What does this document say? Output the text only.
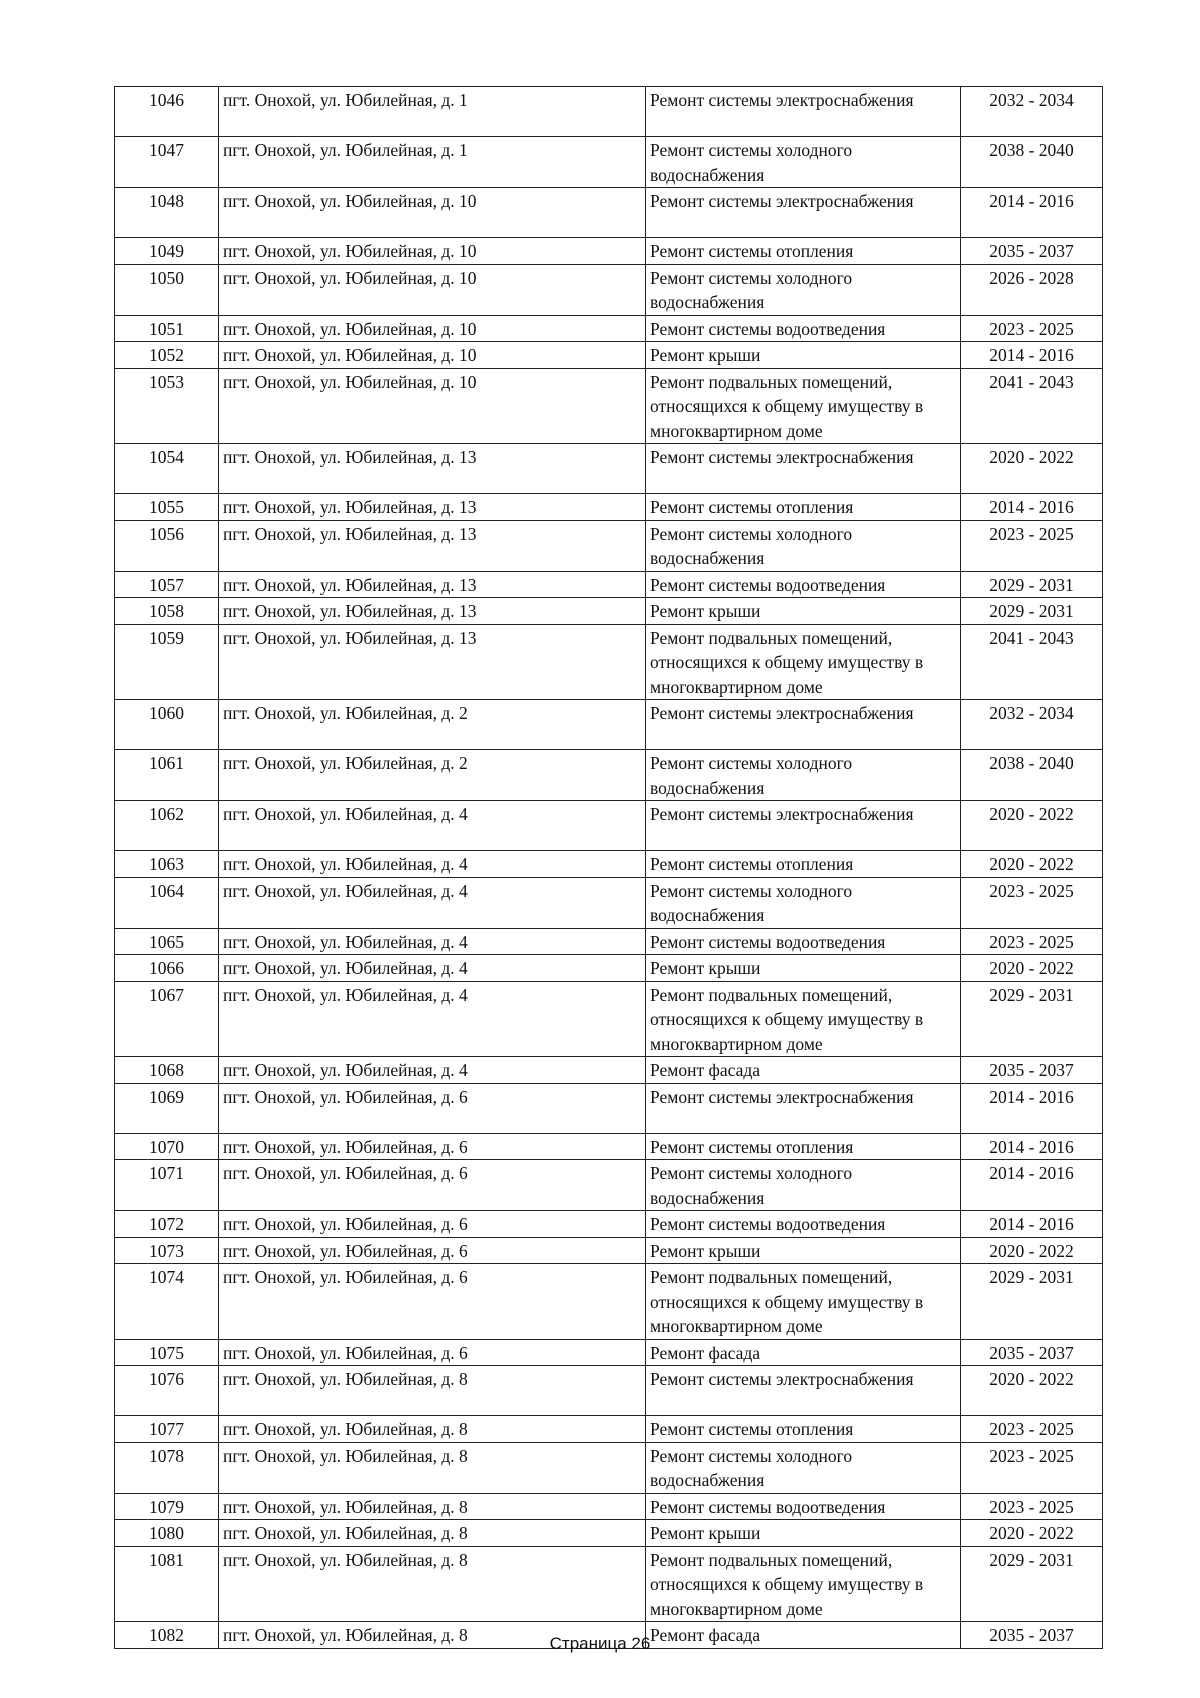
1046	пгт. Онохой, ул. Юбилейная, д. 1	Ремонт системы электроснабжения	2032 - 2034
1047	пгт. Онохой, ул. Юбилейная, д. 1	Ремонт системы холодного водоснабжения	2038 - 2040
1048	пгт. Онохой, ул. Юбилейная, д. 10	Ремонт системы электроснабжения	2014 - 2016
1049	пгт. Онохой, ул. Юбилейная, д. 10	Ремонт системы отопления	2035 - 2037
1050	пгт. Онохой, ул. Юбилейная, д. 10	Ремонт системы холодного водоснабжения	2026 - 2028
1051	пгт. Онохой, ул. Юбилейная, д. 10	Ремонт системы водоотведения	2023 - 2025
1052	пгт. Онохой, ул. Юбилейная, д. 10	Ремонт крыши	2014 - 2016
1053	пгт. Онохой, ул. Юбилейная, д. 10	Ремонт подвальных помещений, относящихся к общему имуществу в многоквартирном доме	2041 - 2043
1054	пгт. Онохой, ул. Юбилейная, д. 13	Ремонт системы электроснабжения	2020 - 2022
1055	пгт. Онохой, ул. Юбилейная, д. 13	Ремонт системы отопления	2014 - 2016
1056	пгт. Онохой, ул. Юбилейная, д. 13	Ремонт системы холодного водоснабжения	2023 - 2025
1057	пгт. Онохой, ул. Юбилейная, д. 13	Ремонт системы водоотведения	2029 - 2031
1058	пгт. Онохой, ул. Юбилейная, д. 13	Ремонт крыши	2029 - 2031
1059	пгт. Онохой, ул. Юбилейная, д. 13	Ремонт подвальных помещений, относящихся к общему имуществу в многоквартирном доме	2041 - 2043
1060	пгт. Онохой, ул. Юбилейная, д. 2	Ремонт системы электроснабжения	2032 - 2034
1061	пгт. Онохой, ул. Юбилейная, д. 2	Ремонт системы холодного водоснабжения	2038 - 2040
1062	пгт. Онохой, ул. Юбилейная, д. 4	Ремонт системы электроснабжения	2020 - 2022
1063	пгт. Онохой, ул. Юбилейная, д. 4	Ремонт системы отопления	2020 - 2022
1064	пгт. Онохой, ул. Юбилейная, д. 4	Ремонт системы холодного водоснабжения	2023 - 2025
1065	пгт. Онохой, ул. Юбилейная, д. 4	Ремонт системы водоотведения	2023 - 2025
1066	пгт. Онохой, ул. Юбилейная, д. 4	Ремонт крыши	2020 - 2022
1067	пгт. Онохой, ул. Юбилейная, д. 4	Ремонт подвальных помещений, относящихся к общему имуществу в многоквартирном доме	2029 - 2031
1068	пгт. Онохой, ул. Юбилейная, д. 4	Ремонт фасада	2035 - 2037
1069	пгт. Онохой, ул. Юбилейная, д. 6	Ремонт системы электроснабжения	2014 - 2016
1070	пгт. Онохой, ул. Юбилейная, д. 6	Ремонт системы отопления	2014 - 2016
1071	пгт. Онохой, ул. Юбилейная, д. 6	Ремонт системы холодного водоснабжения	2014 - 2016
1072	пгт. Онохой, ул. Юбилейная, д. 6	Ремонт системы водоотведения	2014 - 2016
1073	пгт. Онохой, ул. Юбилейная, д. 6	Ремонт крыши	2020 - 2022
1074	пгт. Онохой, ул. Юбилейная, д. 6	Ремонт подвальных помещений, относящихся к общему имуществу в многоквартирном доме	2029 - 2031
1075	пгт. Онохой, ул. Юбилейная, д. 6	Ремонт фасада	2035 - 2037
1076	пгт. Онохой, ул. Юбилейная, д. 8	Ремонт системы электроснабжения	2020 - 2022
1077	пгт. Онохой, ул. Юбилейная, д. 8	Ремонт системы отопления	2023 - 2025
1078	пгт. Онохой, ул. Юбилейная, д. 8	Ремонт системы холодного водоснабжения	2023 - 2025
1079	пгт. Онохой, ул. Юбилейная, д. 8	Ремонт системы водоотведения	2023 - 2025
1080	пгт. Онохой, ул. Юбилейная, д. 8	Ремонт крыши	2020 - 2022
1081	пгт. Онохой, ул. Юбилейная, д. 8	Ремонт подвальных помещений, относящихся к общему имуществу в многоквартирном доме	2029 - 2031
1082	пгт. Онохой, ул. Юбилейная, д. 8	Ремонт фасада	2035 - 2037
Страница 26
